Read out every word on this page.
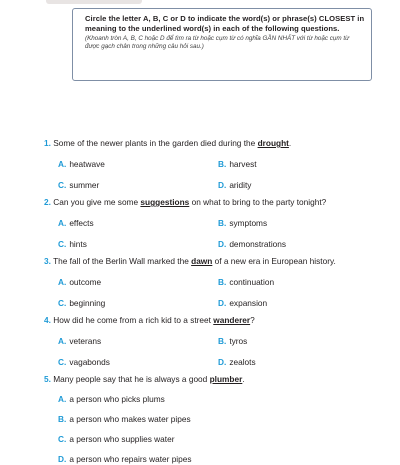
Circle the letter A, B, C or D to indicate the word(s) or phrase(s) CLOSEST in meaning to the underlined word(s) in each of the following questions.

(Khoanh tròn A, B, C hoặc D để tìm ra từ hoặc cụm từ có nghĩa GẦN NHẤT với từ hoặc cụm từ được gạch chân trong những câu hỏi sau.)

1. Some of the newer plants in the garden died during the drought.
A. heatwave	B. harvest
C. summer	D. aridity
2. Can you give me some suggestions on what to bring to the party tonight?
A. effects	B. symptoms
C. hints	D. demonstrations
3. The fall of the Berlin Wall marked the dawn of a new era in European history.
A. outcome	B. continuation
C. beginning	D. expansion
4. How did he come from a rich kid to a street wanderer?
A. veterans	B. tyros
C. vagabonds	D. zealots
5. Many people say that he is always a good plumber.
A. a person who picks plums
B. a person who makes water pipes
C. a person who supplies water
D. a person who repairs water pipes
